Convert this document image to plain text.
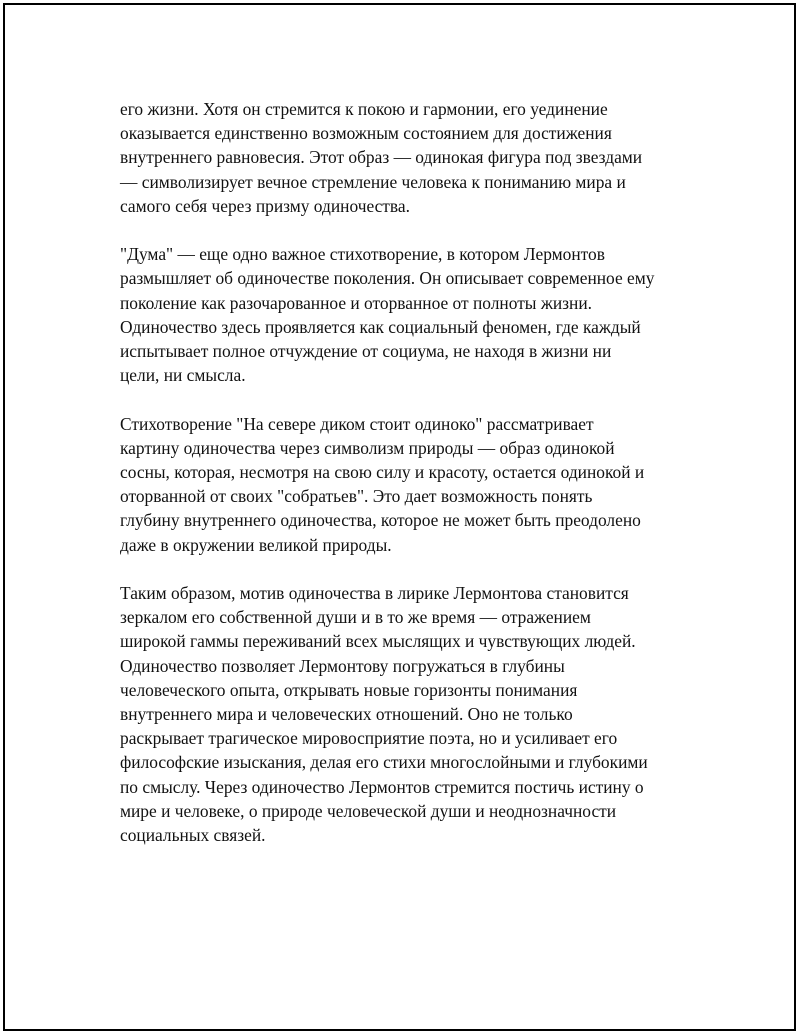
его жизни. Хотя он стремится к покою и гармонии, его уединение
оказывается единственно возможным состоянием для достижения
внутреннего равновесия. Этот образ — одинокая фигура под звездами
— символизирует вечное стремление человека к пониманию мира и
самого себя через призму одиночества.

"Дума" — еще одно важное стихотворение, в котором Лермонтов
размышляет об одиночестве поколения. Он описывает современное ему
поколение как разочарованное и оторванное от полноты жизни.
Одиночество здесь проявляется как социальный феномен, где каждый
испытывает полное отчуждение от социума, не находя в жизни ни
цели, ни смысла.

Стихотворение "На севере диком стоит одиноко" рассматривает
картину одиночества через символизм природы — образ одинокой
сосны, которая, несмотря на свою силу и красоту, остается одинокой и
оторванной от своих "собратьев". Это дает возможность понять
глубину внутреннего одиночества, которое не может быть преодолено
даже в окружении великой природы.

Таким образом, мотив одиночества в лирике Лермонтова становится
зеркалом его собственной души и в то же время — отражением
широкой гаммы переживаний всех мыслящих и чувствующих людей.
Одиночество позволяет Лермонтову погружаться в глубины
человеческого опыта, открывать новые горизонты понимания
внутреннего мира и человеческих отношений. Оно не только
раскрывает трагическое мировосприятие поэта, но и усиливает его
философские изыскания, делая его стихи многослойными и глубокими
по смыслу. Через одиночество Лермонтов стремится постичь истину о
мире и человеке, о природе человеческой души и неоднозначности
социальных связей.
